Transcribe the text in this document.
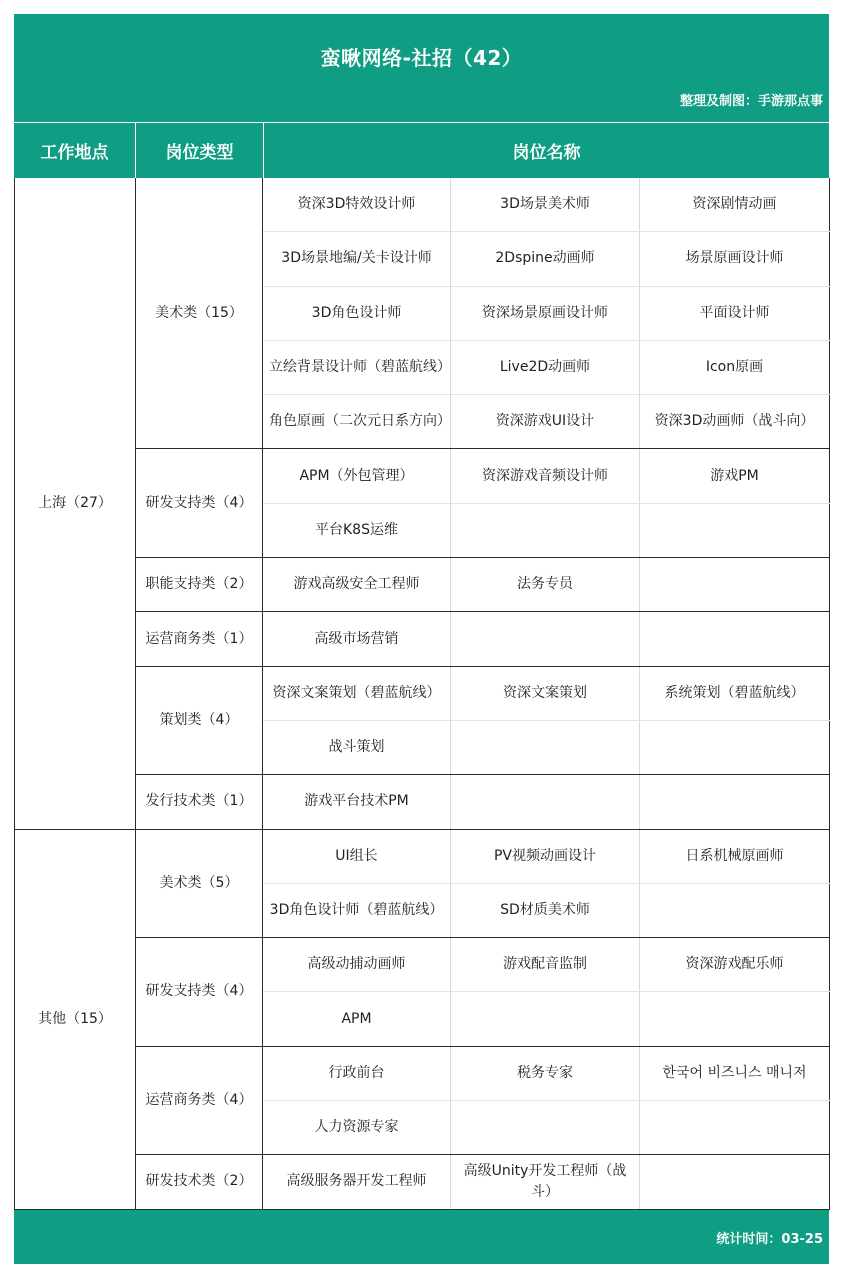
蛮啾网络-社招（42）
整理及制图：手游那点事
工作地点	岗位类型	岗位名称
上海（27）	美术类（15）	资深3D特效设计师	3D场景美术师	资深剧情动画
		3D场景地编/关卡设计师	2Dspine动画师	场景原画设计师
		3D角色设计师	资深场景原画设计师	平面设计师
		立绘背景设计师（碧蓝航线）	Live2D动画师	Icon原画
		角色原画（二次元日系方向）	资深游戏UI设计	资深3D动画师（战斗向）
	研发支持类（4）	APM（外包管理）	资深游戏音频设计师	游戏PM
		平台K8S运维		
	职能支持类（2）	游戏高级安全工程师	法务专员	
	运营商务类（1）	高级市场营销		
	策划类（4）	资深文案策划（碧蓝航线）	资深文案策划	系统策划（碧蓝航线）
		战斗策划		
	发行技术类（1）	游戏平台技术PM		
其他（15）	美术类（5）	UI组长	PV视频动画设计	日系机械原画师
		3D角色设计师（碧蓝航线）	SD材质美术师	
	研发支持类（4）	高级动捕动画师	游戏配音监制	资深游戏配乐师
		APM		
	运营商务类（4）	行政前台	税务专家	한국어 비즈니스 매니저
		人力资源专家		
	研发技术类（2）	高级服务器开发工程师	高级Unity开发工程师（战斗）	
统计时间：03-25
